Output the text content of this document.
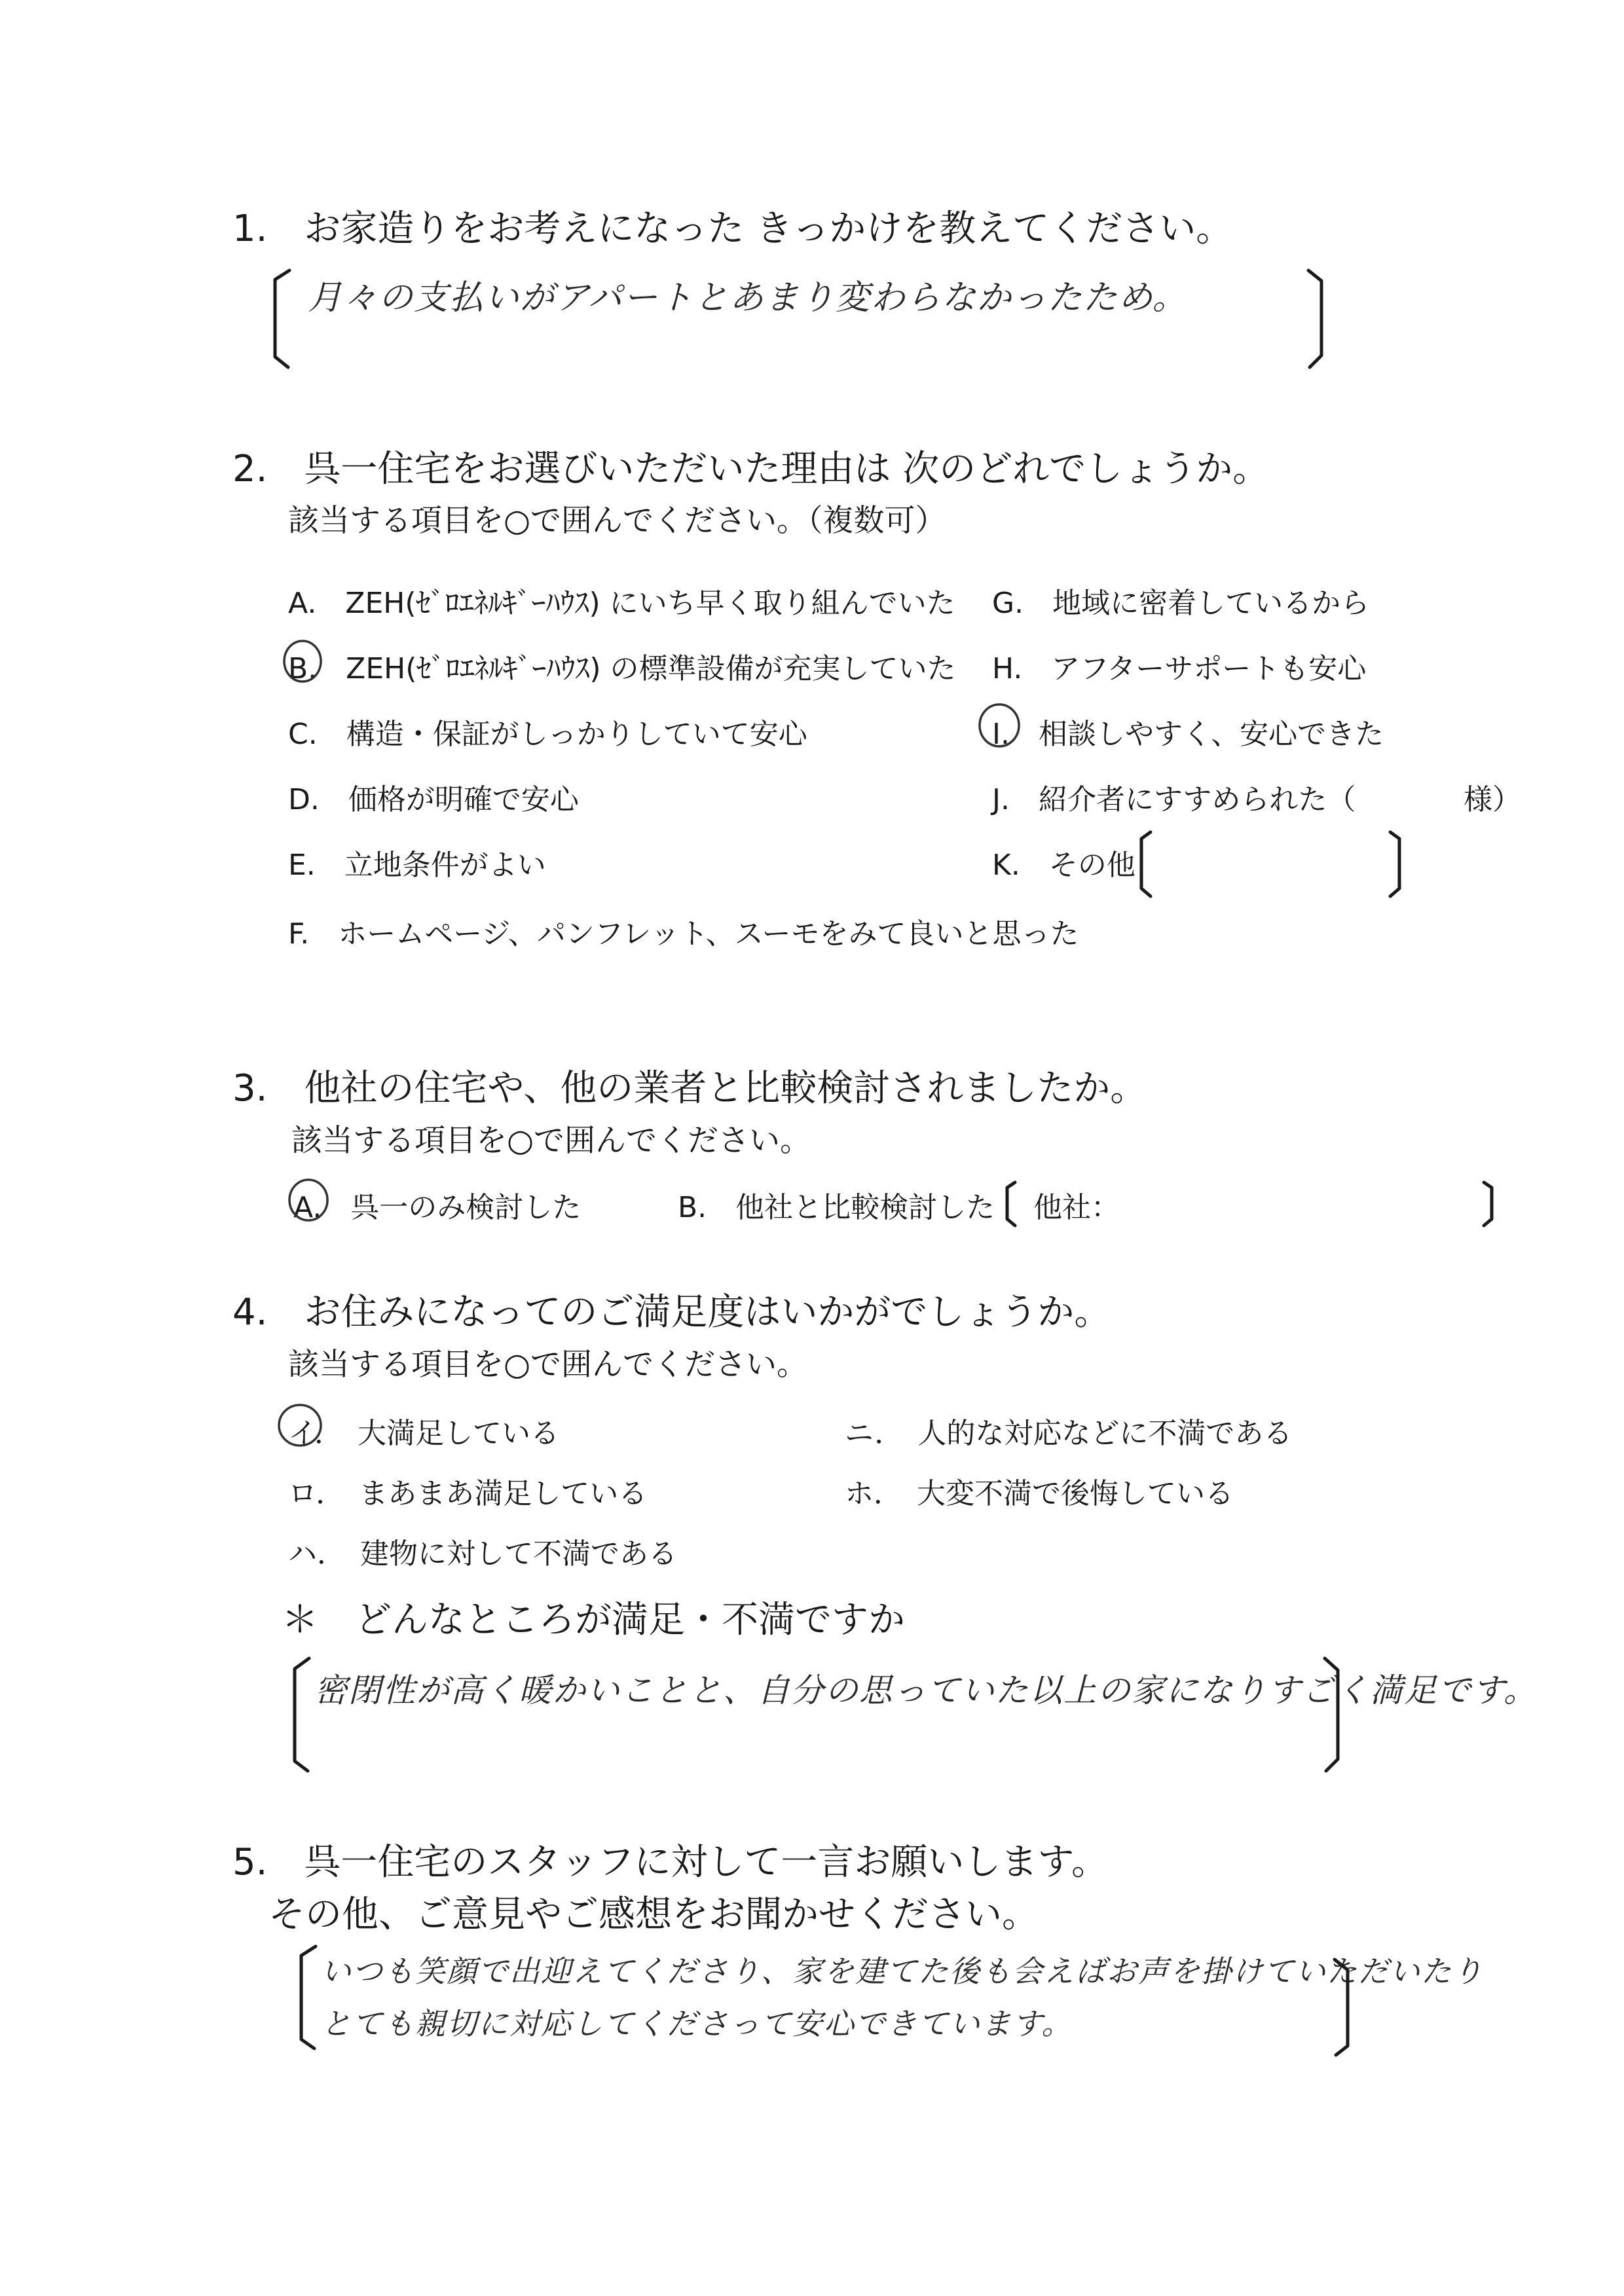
1.　お家造りをお考えになった きっかけを教えてください。
月々の支払いがアパートとあまり変わらなかったため。
2.　呉一住宅をお選びいただいた理由は 次のどれでしょうか。
該当する項目を○で囲んでください。（複数可）
A.　ZEH(ｾﾞﾛｴﾈﾙｷﾞｰﾊｳｽ) にいち早く取り組んでいた
B.　ZEH(ｾﾞﾛｴﾈﾙｷﾞｰﾊｳｽ) の標準設備が充実していた
C.　構造・保証がしっかりしていて安心
D.　価格が明確で安心
E.　立地条件がよい
F.　ホームページ、パンフレット、スーモをみて良いと思った
G.　地域に密着しているから
H.　アフターサポートも安心
I.　相談しやすく、安心できた
J.　紹介者にすすめられた（	様）
K.　その他
3.　他社の住宅や、他の業者と比較検討されましたか。
該当する項目を○で囲んでください。
A.　呉一のみ検討した	B.　他社と比較検討した 他社：
4.　お住みになってのご満足度はいかがでしょうか。
該当する項目を○で囲んでください。
イ．　大満足している
ロ．　まあまあ満足している
ハ．　建物に対して不満である
ニ．　人的な対応などに不満である
ホ．　大変不満で後悔している
＊　どんなところが満足・不満ですか
密閉性が高く暖かいことと、自分の思っていた以上の家になりすごく満足です。
5.　呉一住宅のスタッフに対して一言お願いします。
その他、ご意見やご感想をお聞かせください。
いつも笑顔で出迎えてくださり、家を建てた後も会えばお声を掛けていただいたり
とても親切に対応してくださって安心できています。
